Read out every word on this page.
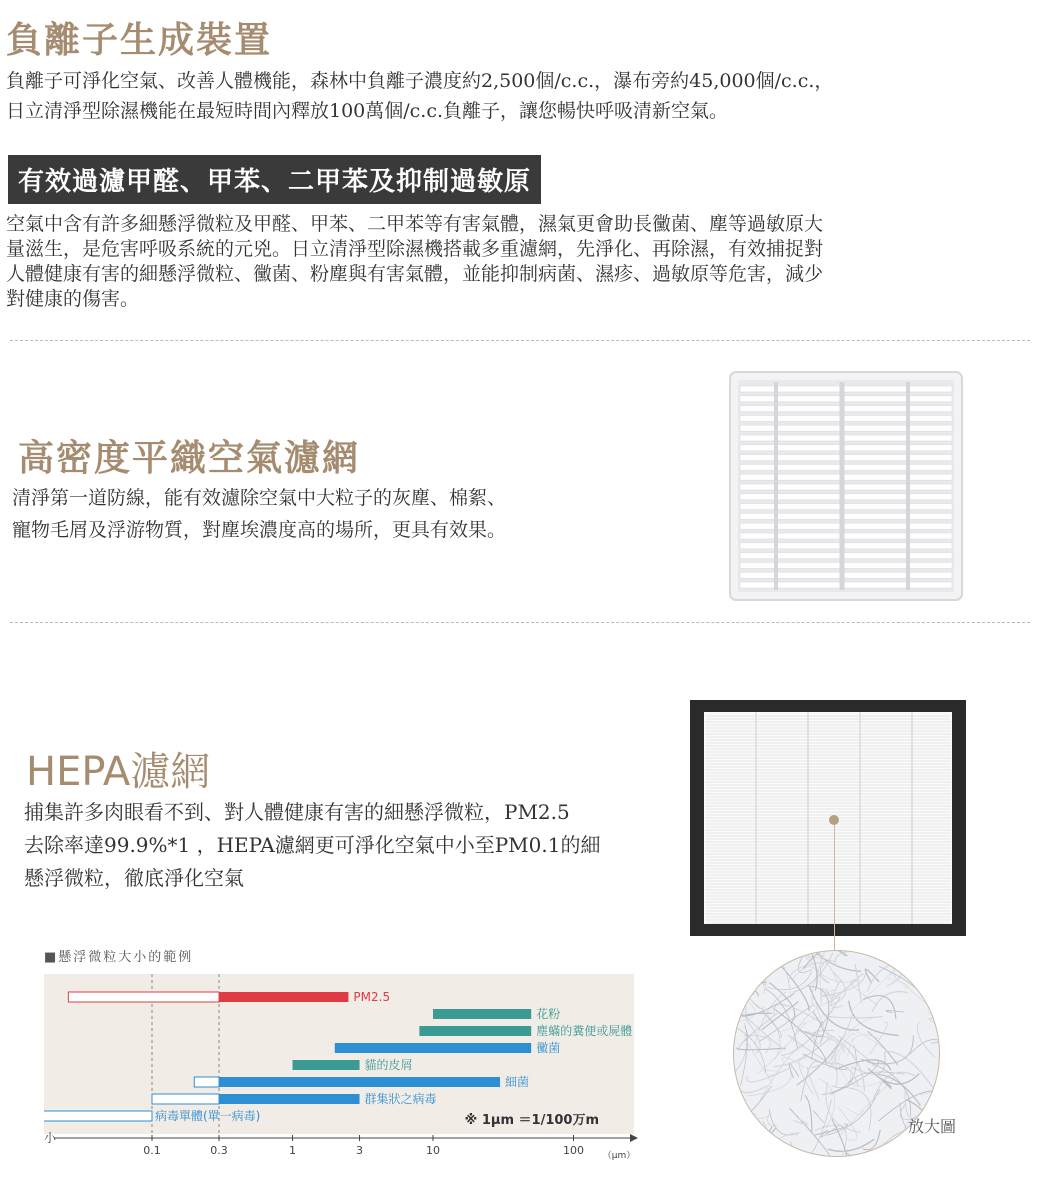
負離子生成裝置
負離子可淨化空氣、改善人體機能，森林中負離子濃度約2,500個/c.c.，瀑布旁約45,000個/c.c.，
日立清淨型除濕機能在最短時間內釋放100萬個/c.c.負離子，讓您暢快呼吸清新空氣。
有效過濾甲醛、甲苯、二甲苯及抑制過敏原
空氣中含有許多細懸浮微粒及甲醛、甲苯、二甲苯等有害氣體，濕氣更會助長黴菌、塵等過敏原大
量滋生，是危害呼吸系統的元兇。日立清淨型除濕機搭載多重濾網，先淨化、再除濕，有效捕捉對
人體健康有害的細懸浮微粒、黴菌、粉塵與有害氣體，並能抑制病菌、濕疹、過敏原等危害，減少
對健康的傷害。
高密度平織空氣濾網
清淨第一道防線，能有效濾除空氣中大粒子的灰塵、棉絮、
寵物毛屑及浮游物質，對塵埃濃度高的場所，更具有效果。
HEPA濾網
捕集許多肉眼看不到、對人體健康有害的細懸浮微粒，PM2.5
去除率達99.9%*1 ，HEPA濾網更可淨化空氣中小至PM0.1的細
懸浮微粒，徹底淨化空氣
放大圖
■懸浮微粒大小的範例
PM2.5
花粉
塵蟎的糞便或屍體
黴菌
貓的皮屑
細菌
群集狀之病毒
病毒單體(單一病毒)
小
0.1	0.3	1	3	10	100 （μm）
※ 1μm ＝1/100万m
